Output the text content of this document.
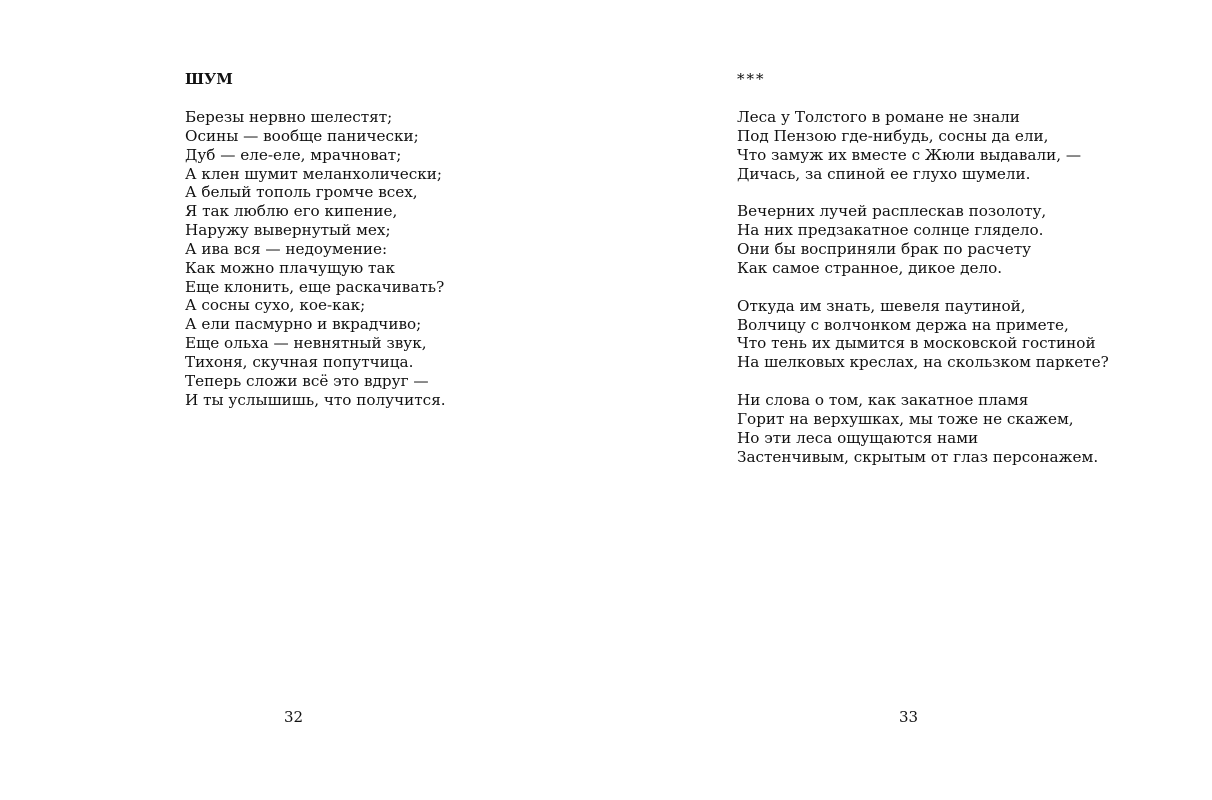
ШУМ
Березы нервно шелестят;
Осины — вообще панически;
Дуб — еле-еле, мрачноват;
А клен шумит меланхолически;
А белый тополь громче всех,
Я так люблю его кипение,
Наружу вывернутый мех;
А ива вся — недоумение:
Как можно плачущую так
Еще клонить, еще раскачивать?
А сосны сухо, кое-как;
А ели пасмурно и вкрадчиво;
Еще ольха — невнятный звук,
Тихоня, скучная попутчица.
Теперь сложи всё это вдруг —
И ты услышишь, что получится.
32
***
Леса у Толстого в романе не знали
Под Пензою где-нибудь, сосны да ели,
Что замуж их вместе с Жюли выдавали, —
Дичась, за спиной ее глухо шумели.
Вечерних лучей расплескав позолоту,
На них предзакатное солнце глядело.
Они бы восприняли брак по расчету
Как самое странное, дикое дело.
Откуда им знать, шевеля паутиной,
Волчицу с волчонком держа на примете,
Что тень их дымится в московской гостиной
На шелковых креслах, на скользком паркете?
Ни слова о том, как закатное пламя
Горит на верхушках, мы тоже не скажем,
Но эти леса ощущаются нами
Застенчивым, скрытым от глаз персонажем.
33
